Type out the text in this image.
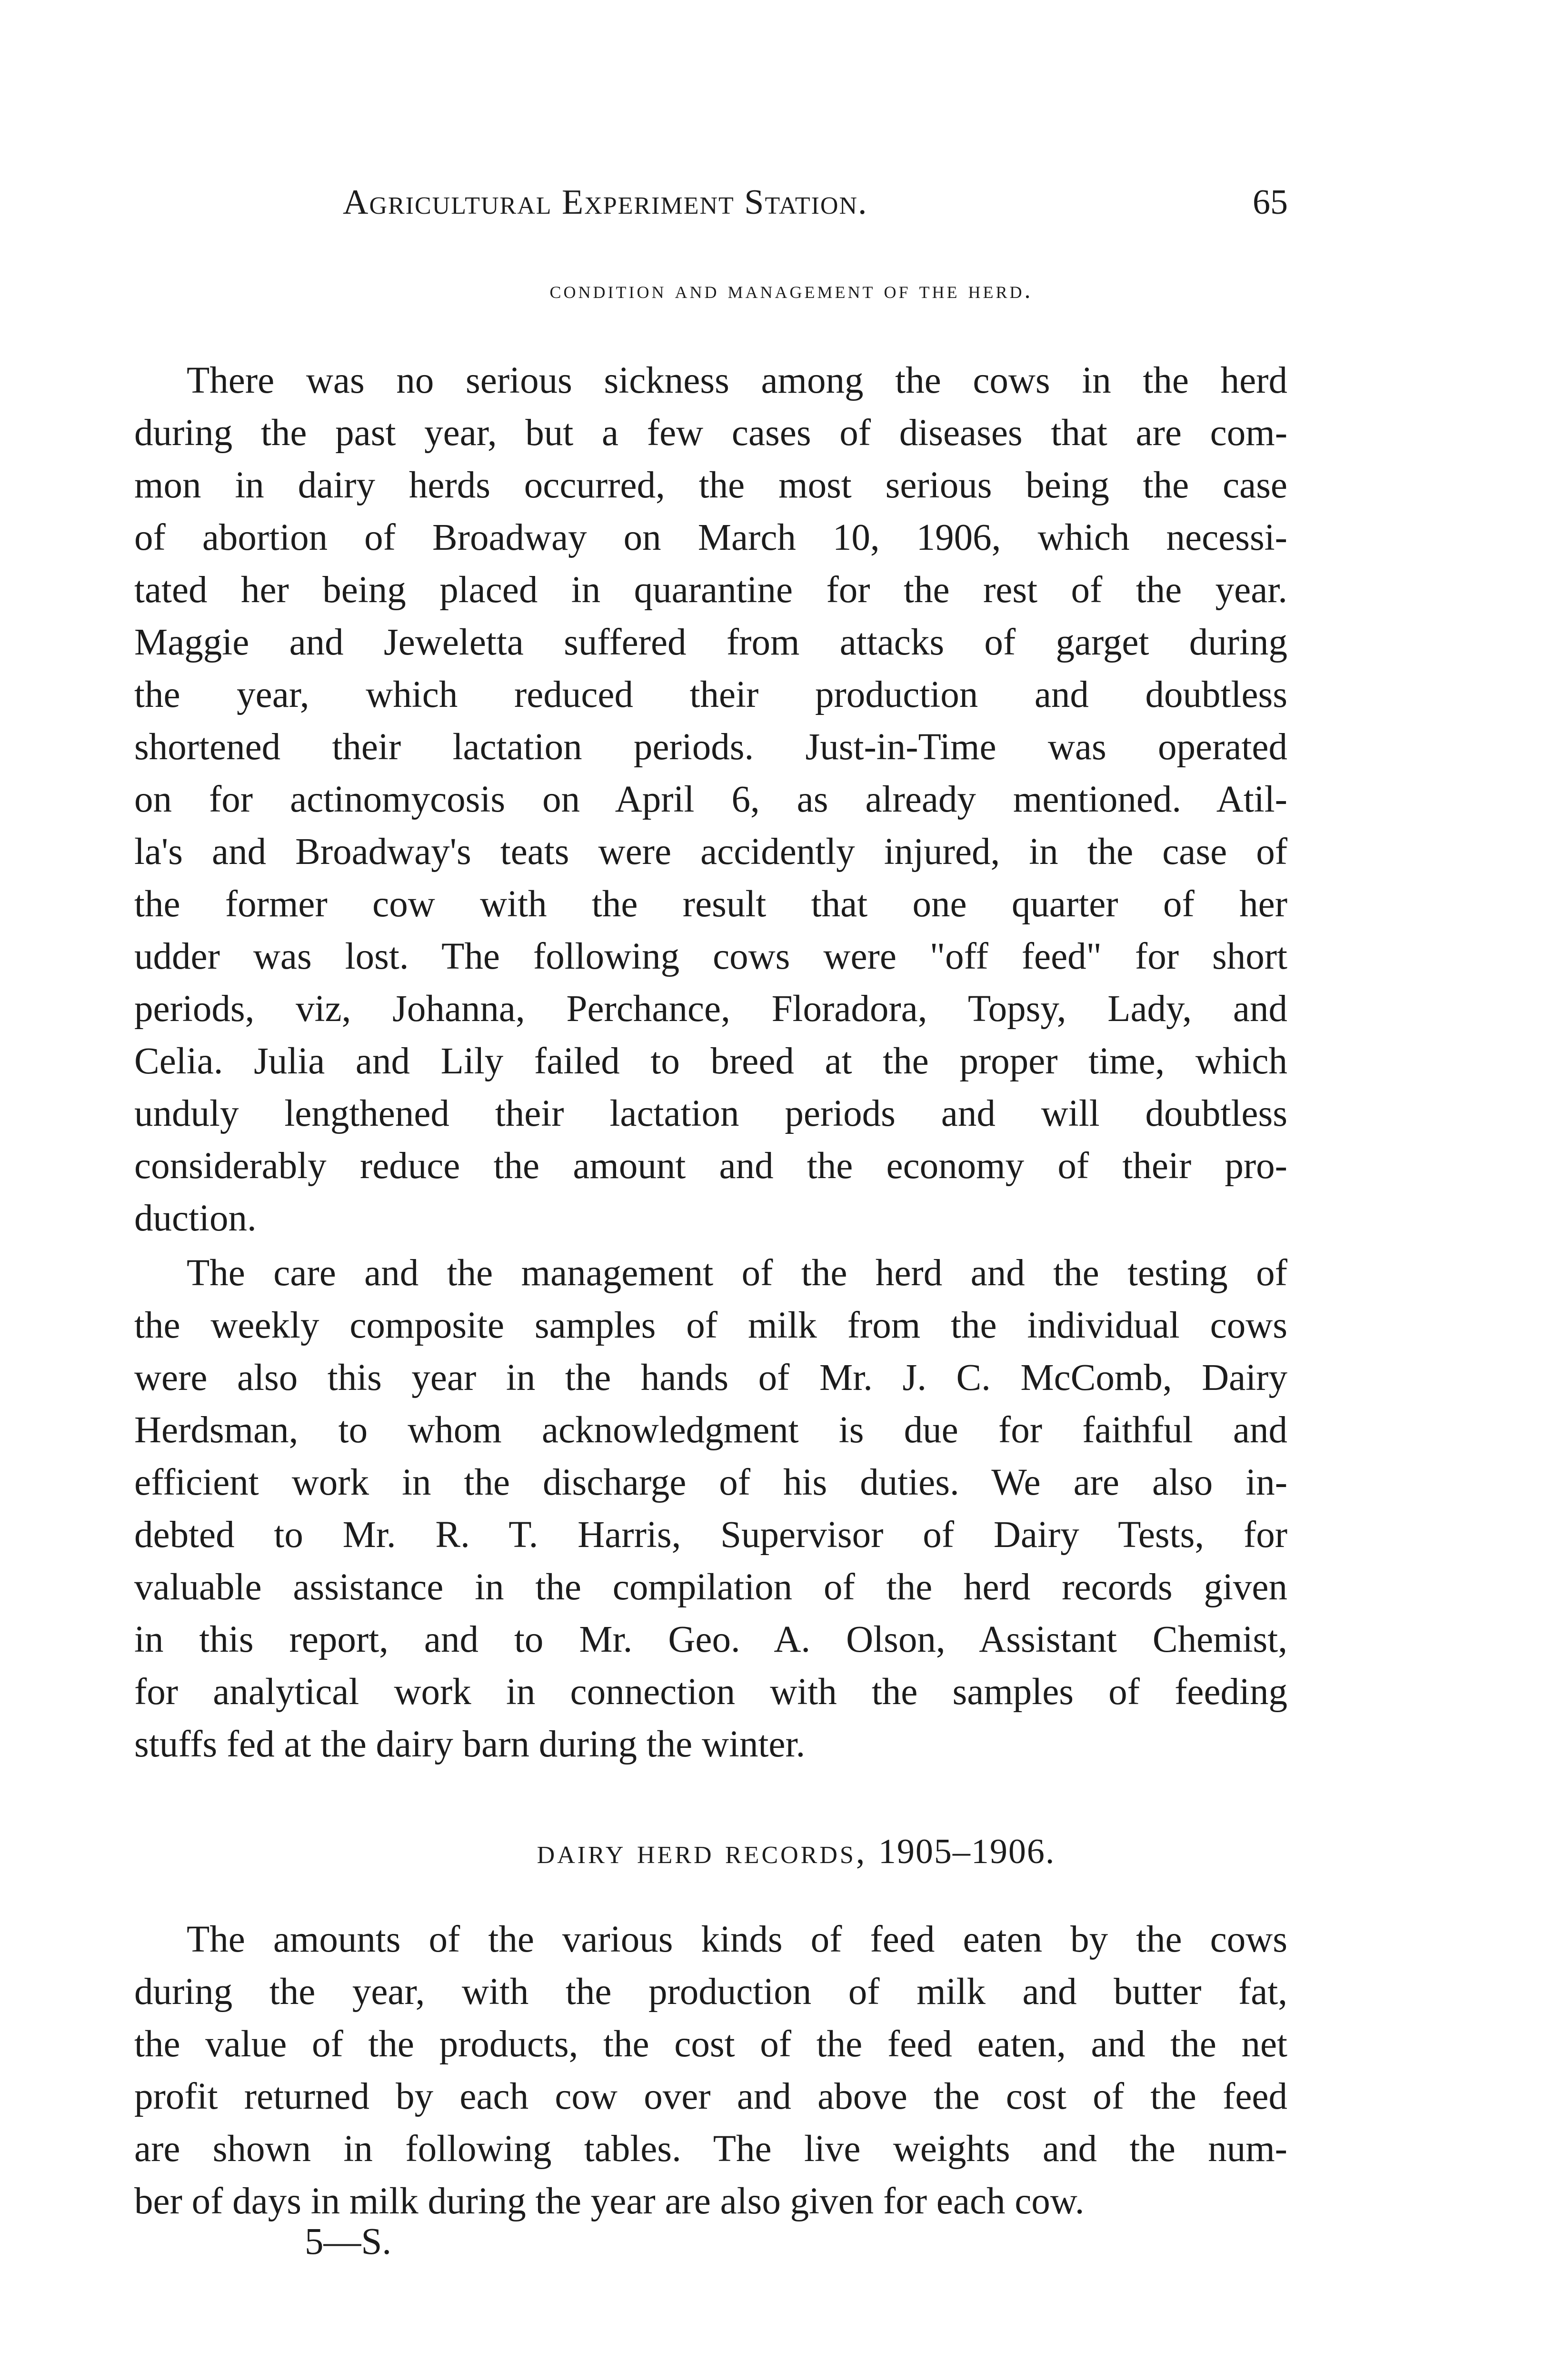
Agricultural Experiment Station.	65
condition and management of the herd.
There was no serious sickness among the cows in the herd
during the past year, but a few cases of diseases that are com-
mon in dairy herds occurred, the most serious being the case
of abortion of Broadway on March 10, 1906, which necessi-
tated her being placed in quarantine for the rest of the year.
Maggie and Jeweletta suffered from attacks of garget during
the year, which reduced their production and doubtless
shortened their lactation periods. Just-in-Time was operated
on for actinomycosis on April 6, as already mentioned. Atil-
la's and Broadway's teats were accidently injured, in the case of
the former cow with the result that one quarter of her
udder was lost. The following cows were "off feed" for short
periods, viz, Johanna, Perchance, Floradora, Topsy, Lady, and
Celia. Julia and Lily failed to breed at the proper time, which
unduly lengthened their lactation periods and will doubtless
considerably reduce the amount and the economy of their pro-
duction.
The care and the management of the herd and the testing of
the weekly composite samples of milk from the individual cows
were also this year in the hands of Mr. J. C. McComb, Dairy
Herdsman, to whom acknowledgment is due for faithful and
efficient work in the discharge of his duties. We are also in-
debted to Mr. R. T. Harris, Supervisor of Dairy Tests, for
valuable assistance in the compilation of the herd records given
in this report, and to Mr. Geo. A. Olson, Assistant Chemist,
for analytical work in connection with the samples of feeding
stuffs fed at the dairy barn during the winter.
dairy herd records, 1905–1906.
The amounts of the various kinds of feed eaten by the cows
during the year, with the production of milk and butter fat,
the value of the products, the cost of the feed eaten, and the net
profit returned by each cow over and above the cost of the feed
are shown in following tables. The live weights and the num-
ber of days in milk during the year are also given for each cow.
5—S.
